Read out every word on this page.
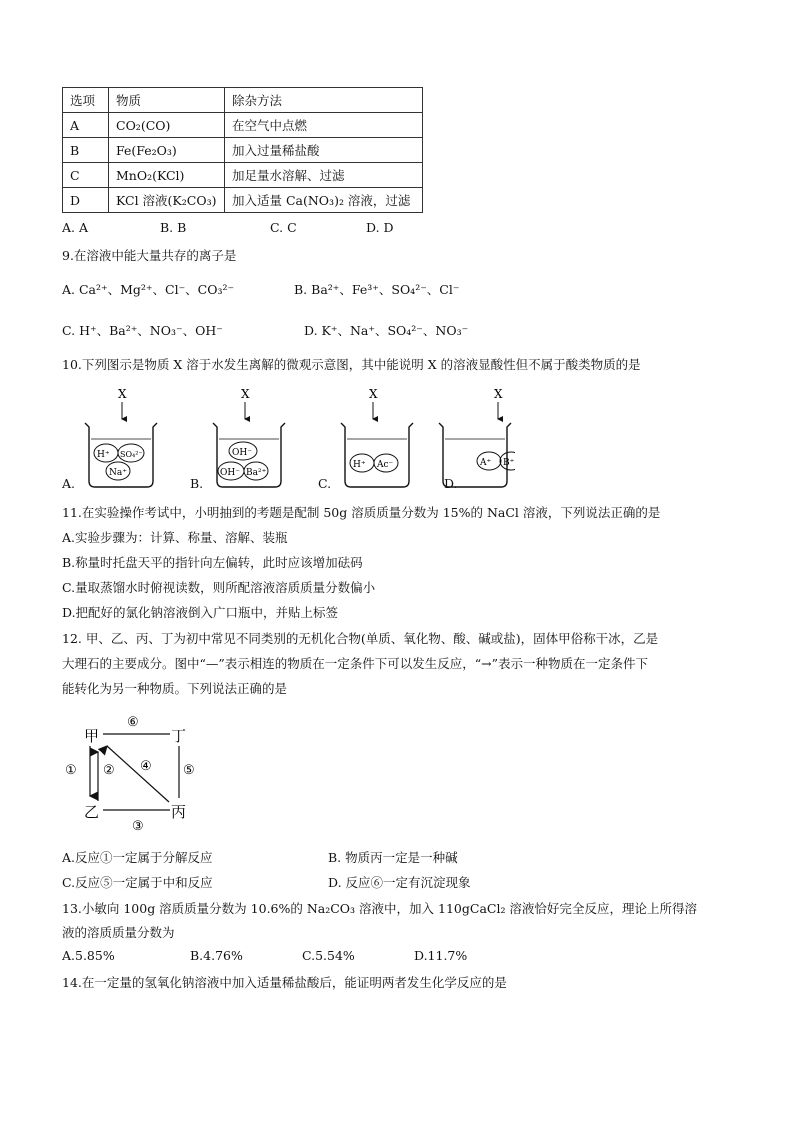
选项	物质	除杂方法
A	CO₂(CO)	在空气中点燃
B	Fe(Fe₂O₃)	加入过量稀盐酸
C	MnO₂(KCl)	加足量水溶解、过滤
D	KCl 溶液(K₂CO₃)	加入适量 Ca(NO₃)₂ 溶液，过滤
A. A	B. B	C. C	D. D
9.在溶液中能大量共存的离子是
A. Ca²⁺、Mg²⁺、Cl⁻、CO₃²⁻	B. Ba²⁺、Fe³⁺、SO₄²⁻、Cl⁻
C. H⁺、Ba²⁺、NO₃⁻、OH⁻	D. K⁺、Na⁺、SO₄²⁻、NO₃⁻
10.下列图示是物质 X 溶于水发生离解的微观示意图，其中能说明 X 的溶液显酸性但不属于酸类物质的是
X
H⁺ SO₄²⁻
Na⁺
X
OH⁻
OH⁻ Ba²⁺
X
H⁺ Ac⁻
X
A⁺ B⁺
A.	B.	C.	D.
11.在实验操作考试中，小明抽到的考题是配制 50g 溶质质量分数为 15%的 NaCl 溶液，下列说法正确的是
A.实验步骤为：计算、称量、溶解、装瓶
B.称量时托盘天平的指针向左偏转，此时应该增加砝码
C.量取蒸馏水时俯视读数，则所配溶液溶质质量分数偏小
D.把配好的氯化钠溶液倒入广口瓶中，并贴上标签
12. 甲、乙、丙、丁为初中常见不同类别的无机化合物(单质、氧化物、酸、碱或盐)，固体甲俗称干冰，乙是
大理石的主要成分。图中“—”表示相连的物质在一定条件下可以发生反应，“→”表示一种物质在一定条件下
能转化为另一种物质。下列说法正确的是
甲	丁
乙	丙
⑥
① ② ④ ⑤
③
A.反应①一定属于分解反应	B. 物质丙一定是一种碱
C.反应⑤一定属于中和反应	D. 反应⑥一定有沉淀现象
13.小敏向 100g 溶质质量分数为 10.6%的 Na₂CO₃ 溶液中，加入 110gCaCl₂ 溶液恰好完全反应，理论上所得溶
液的溶质质量分数为
A.5.85%	B.4.76%	C.5.54%	D.11.7%
14.在一定量的氢氧化钠溶液中加入适量稀盐酸后，能证明两者发生化学反应的是
